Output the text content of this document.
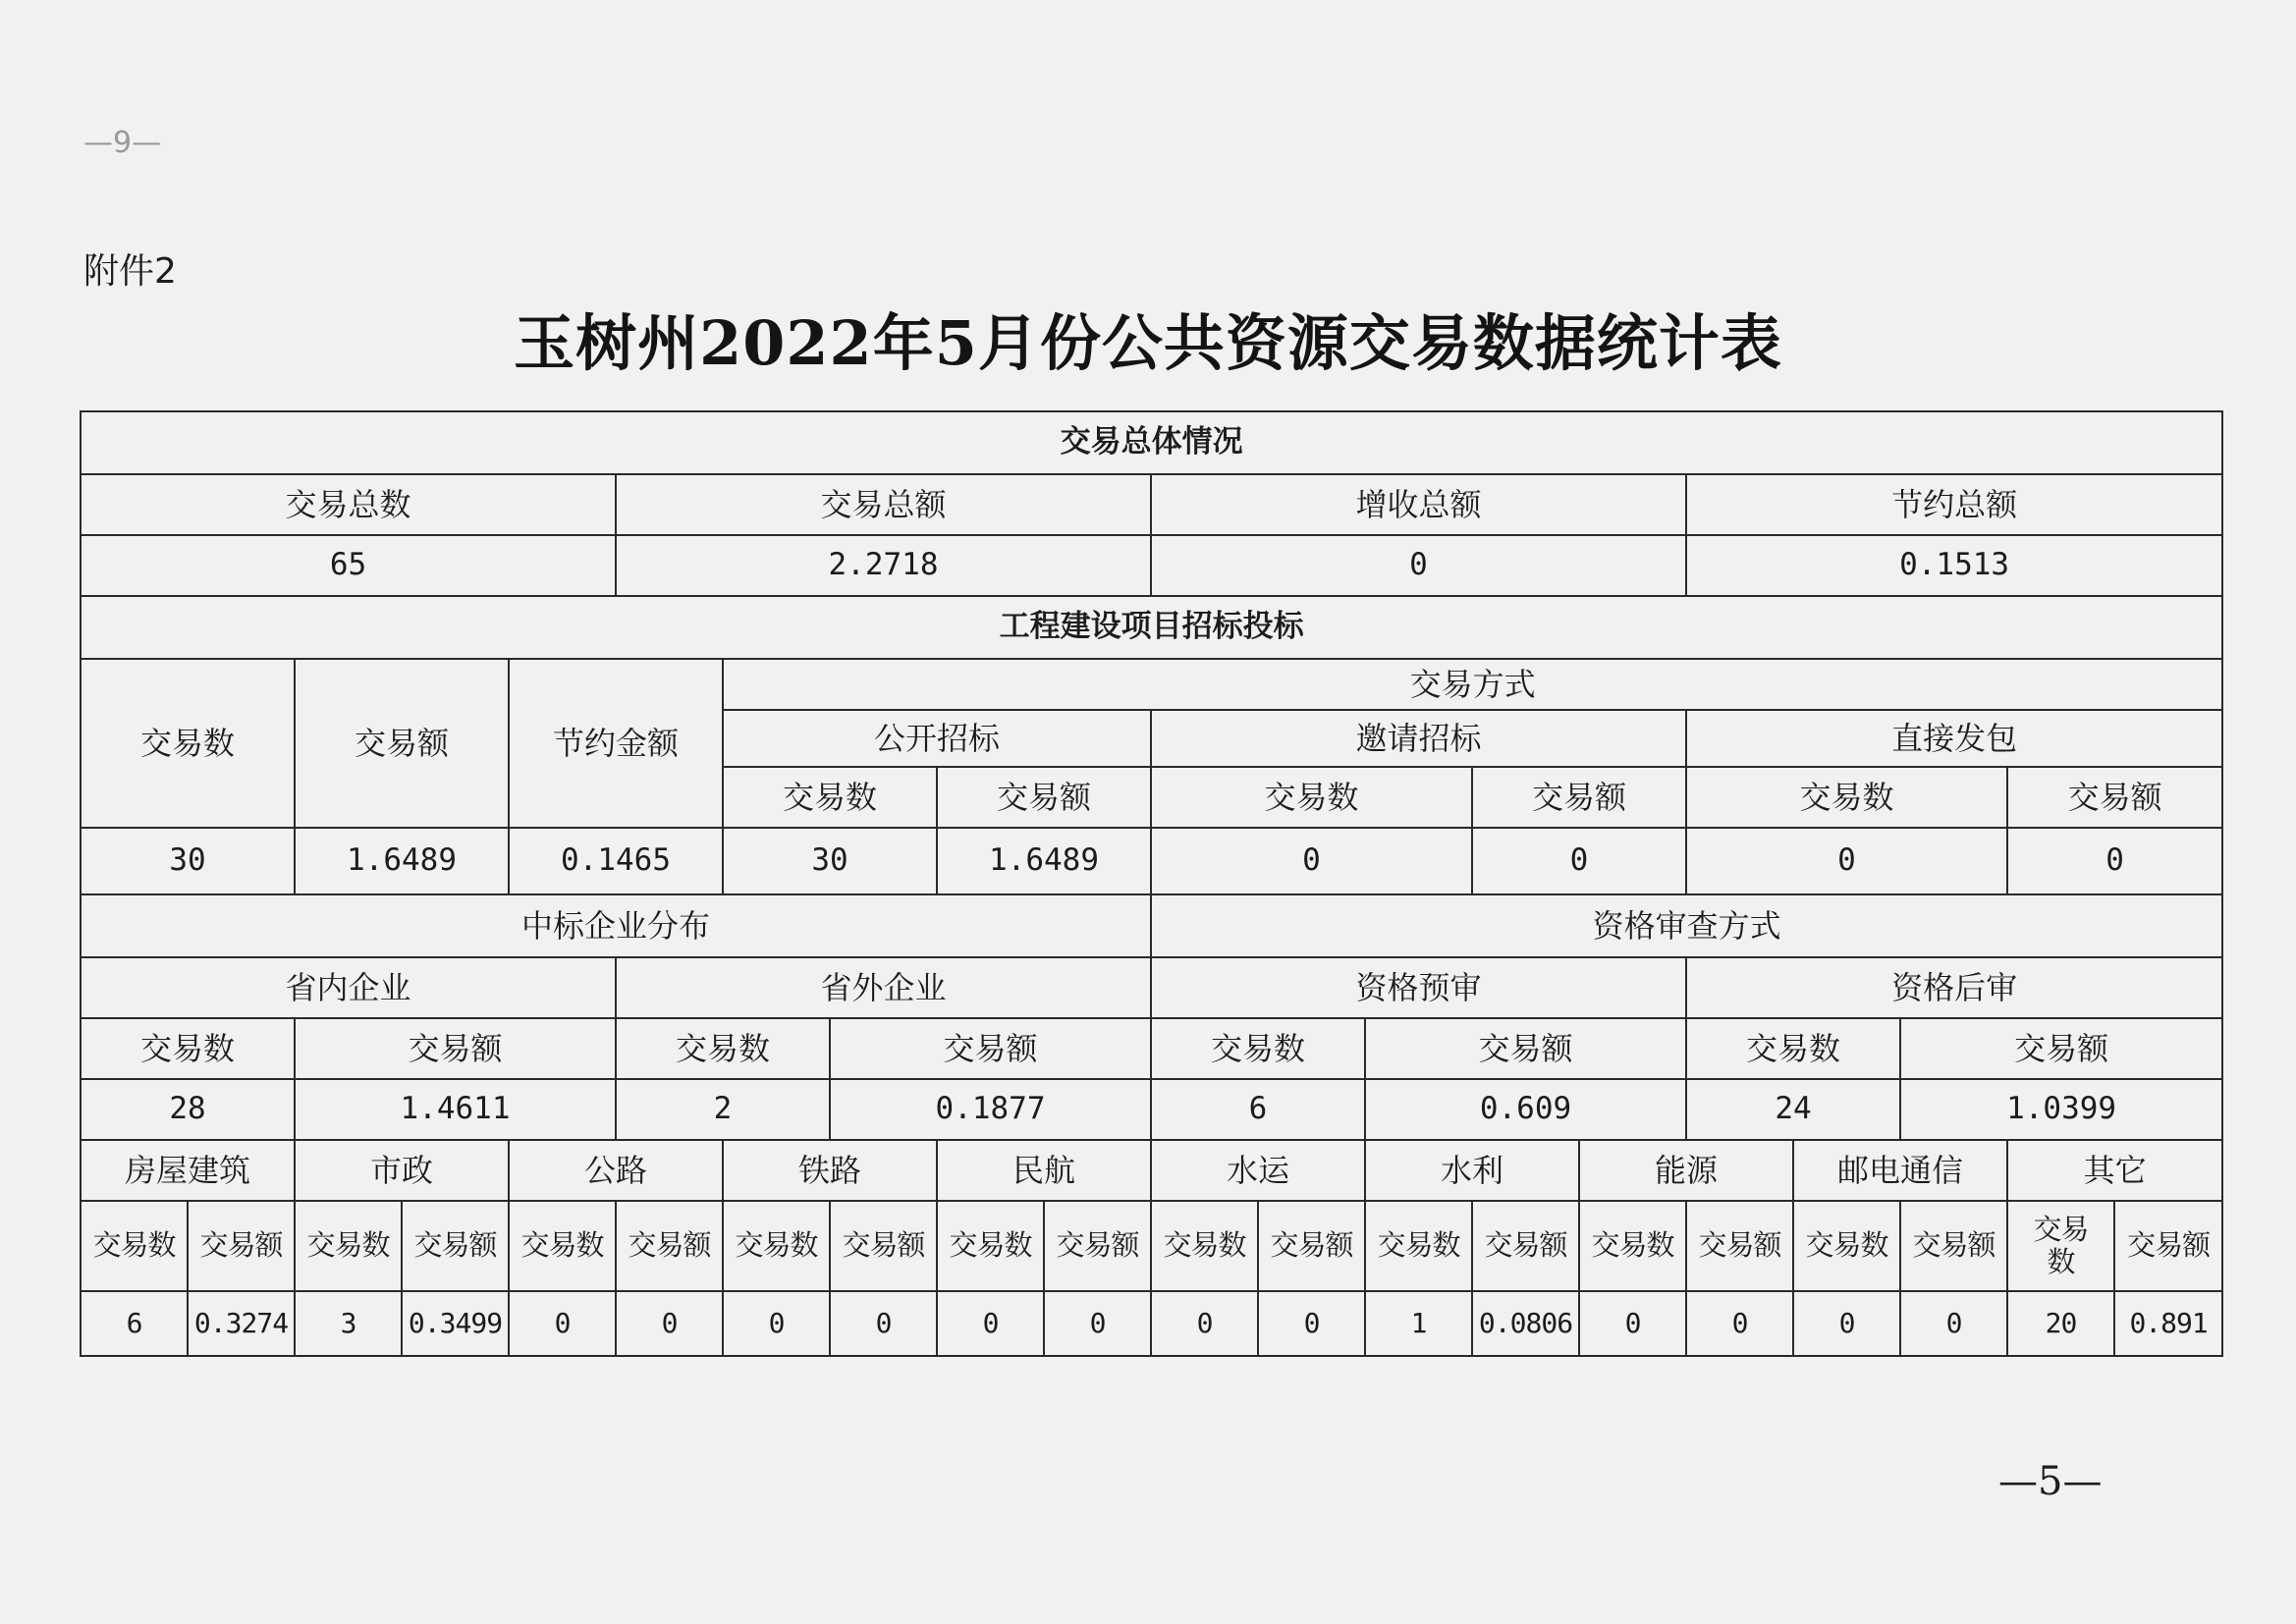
—9—
附件2
玉树州2022年5月份公共资源交易数据统计表
交易总体情况																			
交易总数					交易总额					增收总额					节约总额				
65					2.2718					0					0.1513				
工程建设项目招标投标																			
交易数		交易额		节约金额		交易方式													
						公开招标				邀请招标					直接发包				
						交易数		交易额		交易数			交易额		交易数			交易额	
30		1.6489		0.1465		30		1.6489		0			0		0			0	
中标企业分布										资格审查方式									
省内企业					省外企业					资格预审					资格后审				
交易数		交易额			交易数		交易额			交易数		交易额			交易数		交易额		
28		1.4611			2		0.1877			6		0.609			24		1.0399		
房屋建筑		市政		公路		铁路		民航		水运		水利		能源		邮电通信		其它	
交易数	交易额	交易数	交易额	交易数	交易额	交易数	交易额	交易数	交易额	交易数	交易额	交易数	交易额	交易数	交易额	交易数	交易额	交易数	交易额
6	0.3274	3	0.3499	0	0	0	0	0	0	0	0	1	0.0806	0	0	0	0	20	0.891
—5—
